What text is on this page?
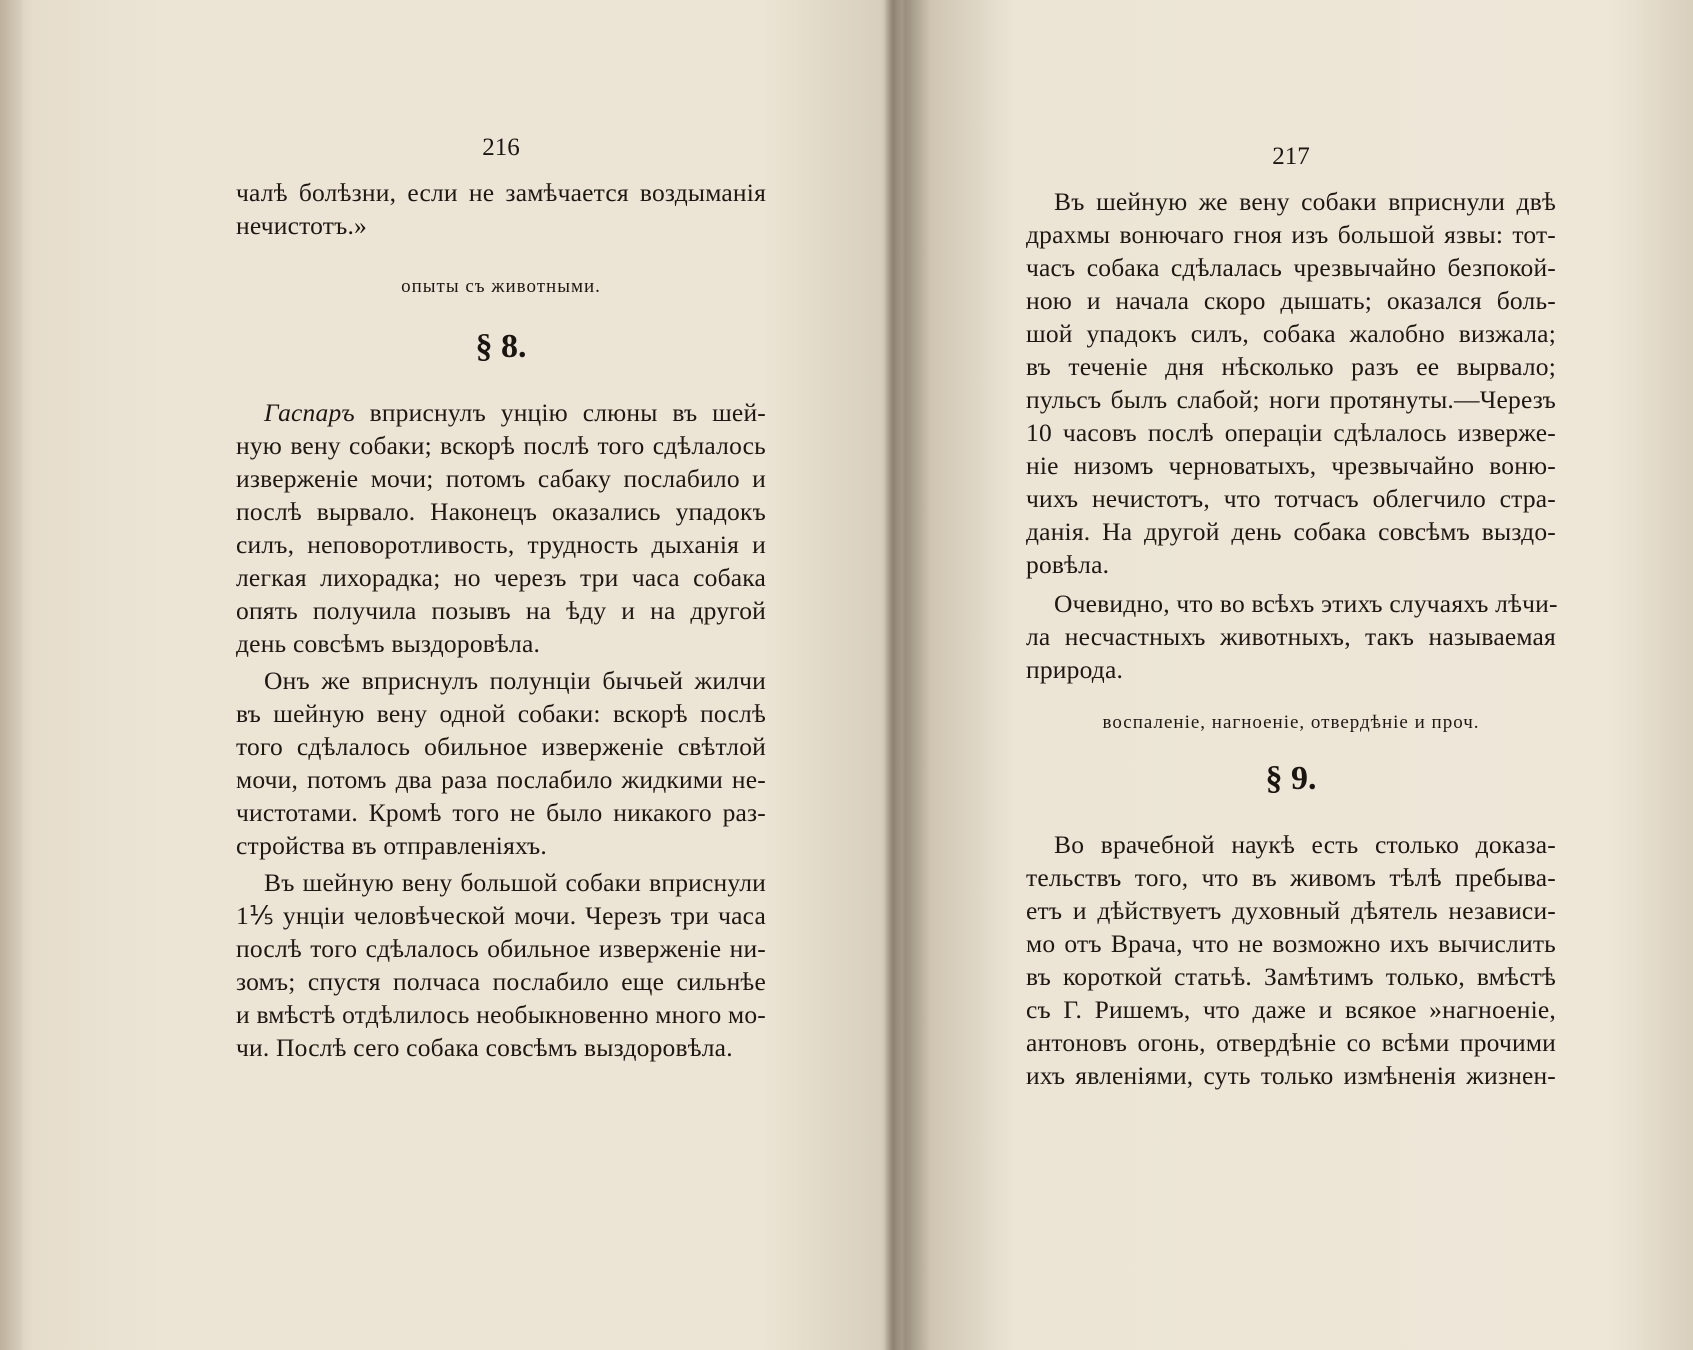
216
чалѣ болѣзни, если не замѣчается воздыманія
нечистотъ.»
опыты съ животными.
§ 8.
Гаспаръ вприснулъ унцію слюны въ шей-
ную вену собаки; вскорѣ послѣ того сдѣлалось
изверженіе мочи; потомъ сабаку послабило и
послѣ вырвало. Наконецъ оказались упадокъ
силъ, неповоротливость, трудность дыханія и
легкая лихорадка; но черезъ три часа собака
опять получила позывъ на ѣду и на другой
день совсѣмъ выздоровѣла.
Онъ же вприснулъ полунціи бычьей жилчи
въ шейную вену одной собаки: вскорѣ послѣ
того сдѣлалось обильное изверженіе свѣтлой
мочи, потомъ два раза послабило жидкими не-
чистотами. Кромѣ того не было никакого раз-
стройства въ отправленіяхъ.
Въ шейную вену большой собаки вприснули
1⅕ унціи человѣческой мочи. Черезъ три часа
послѣ того сдѣлалось обильное изверженіе ни-
зомъ; спустя полчаса послабило еще сильнѣе
и вмѣстѣ отдѣлилось необыкновенно много мо-
чи. Послѣ сего собака совсѣмъ выздоровѣла.
217
Въ шейную же вену собаки вприснули двѣ
драхмы вонючаго гноя изъ большой язвы: тот-
часъ собака сдѣлалась чрезвычайно безпокой-
ною и начала скоро дышать; оказался боль-
шой упадокъ силъ, собака жалобно визжала;
въ теченіе дня нѣсколько разъ ее вырвало;
пульсъ былъ слабой; ноги протянуты.—Черезъ
10 часовъ послѣ операціи сдѣлалось изверже-
ніе низомъ черноватыхъ, чрезвычайно воню-
чихъ нечистотъ, что тотчасъ облегчило стра-
данія. На другой день собака совсѣмъ выздо-
ровѣла.
Очевидно, что во всѣхъ этихъ случаяхъ лѣчи-
ла несчастныхъ животныхъ, такъ называемая
природа.
воспаленіе, нагноеніе, отвердѣніе и проч.
§ 9.
Во врачебной наукѣ есть столько доказа-
тельствъ того, что въ живомъ тѣлѣ пребыва-
етъ и дѣйствуетъ духовный дѣятель независи-
мо отъ Врача, что не возможно ихъ вычислить
въ короткой статьѣ. Замѣтимъ только, вмѣстѣ
съ Г. Ришемъ, что даже и всякое »нагноеніе,
антоновъ огонь, отвердѣніе со всѣми прочими
ихъ явленіями, суть только измѣненія жизнен-
